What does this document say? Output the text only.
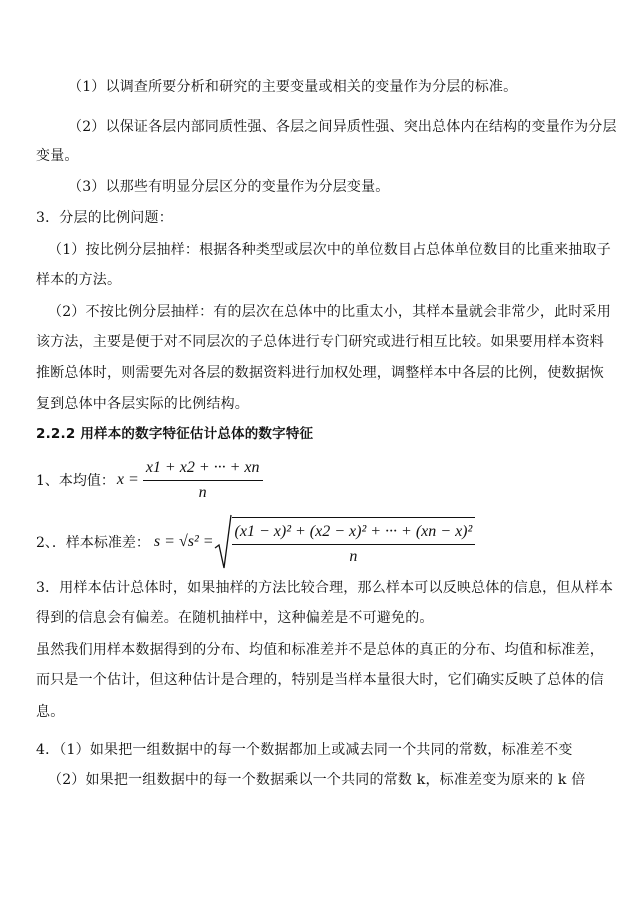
（1）以调查所要分析和研究的主要变量或相关的变量作为分层的标准。
（2）以保证各层内部同质性强、各层之间异质性强、突出总体内在结构的变量作为分层
变量。
（3）以那些有明显分层区分的变量作为分层变量。
3．分层的比例问题：
（1）按比例分层抽样：根据各种类型或层次中的单位数目占总体单位数目的比重来抽取子
样本的方法。
（2）不按比例分层抽样：有的层次在总体中的比重太小，其样本量就会非常少，此时采用
该方法，主要是便于对不同层次的子总体进行专门研究或进行相互比较。如果要用样本资料
推断总体时，则需要先对各层的数据资料进行加权处理，调整样本中各层的比例，使数据恢
复到总体中各层实际的比例结构。
2.2.2 用样本的数字特征估计总体的数字特征
1、本均值： $x = \frac{x1 + x2 + \cdot\cdot\cdot + xn}{n}$
2、．样本标准差： $s = √s^2 = \frac{\text{(x1 − x)² + (x2 − x)² + ··· + (xn − x)²}}{n}$
3．用样本估计总体时，如果抽样的方法比较合理，那么样本可以反映总体的信息，但从样本
得到的信息会有偏差。在随机抽样中，这种偏差是不可避免的。
虽然我们用样本数据得到的分布、均值和标准差并不是总体的真正的分布、均值和标准差，
而只是一个估计，但这种估计是合理的，特别是当样本量很大时，它们确实反映了总体的信
息。
4．（1）如果把一组数据中的每一个数据都加上或减去同一个共同的常数，标准差不变
（2）如果把一组数据中的每一个数据乘以一个共同的常数 k，标准差变为原来的 k 倍
